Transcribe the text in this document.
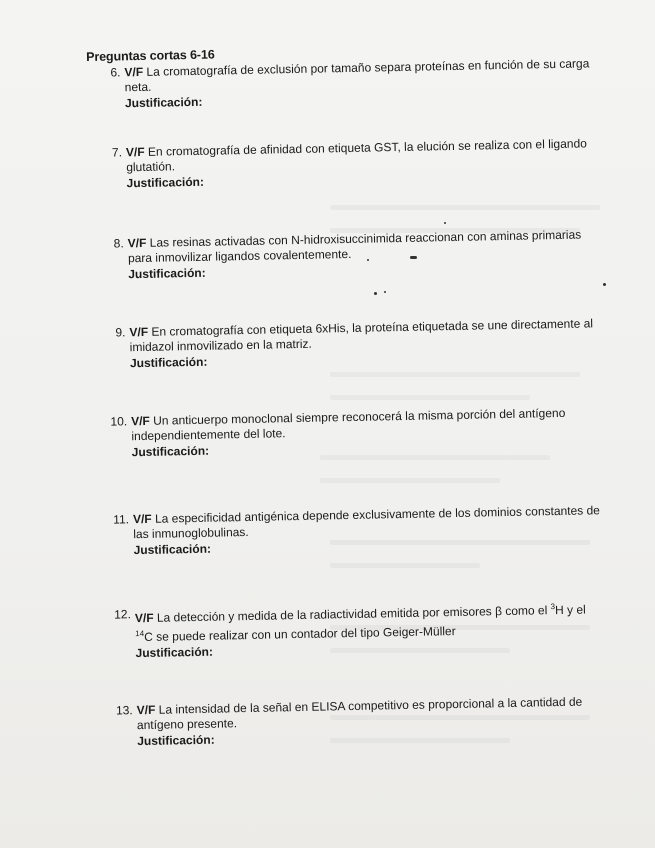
Preguntas cortas 6-16
6. V/F La cromatografía de exclusión por tamaño separa proteínas en función de su carga neta.
Justificación:
7. V/F En cromatografía de afinidad con etiqueta GST, la elución se realiza con el ligando glutatión.
Justificación:
8. V/F Las resinas activadas con N-hidroxisuccinimida reaccionan con aminas primarias para inmovilizar ligandos covalentemente.
Justificación:
9. V/F En cromatografía con etiqueta 6xHis, la proteína etiquetada se une directamente al imidazol inmovilizado en la matriz.
Justificación:
10. V/F Un anticuerpo monoclonal siempre reconocerá la misma porción del antígeno independientemente del lote.
Justificación:
11. V/F La especificidad antigénica depende exclusivamente de los dominios constantes de las inmunoglobulinas.
Justificación:
12. V/F La detección y medida de la radiactividad emitida por emisores β como el $^3$H y el $^{14}$C se puede realizar con un contador del tipo Geiger-Müller
Justificación:
13. V/F La intensidad de la señal en ELISA competitivo es proporcional a la cantidad de antígeno presente.
Justificación:
